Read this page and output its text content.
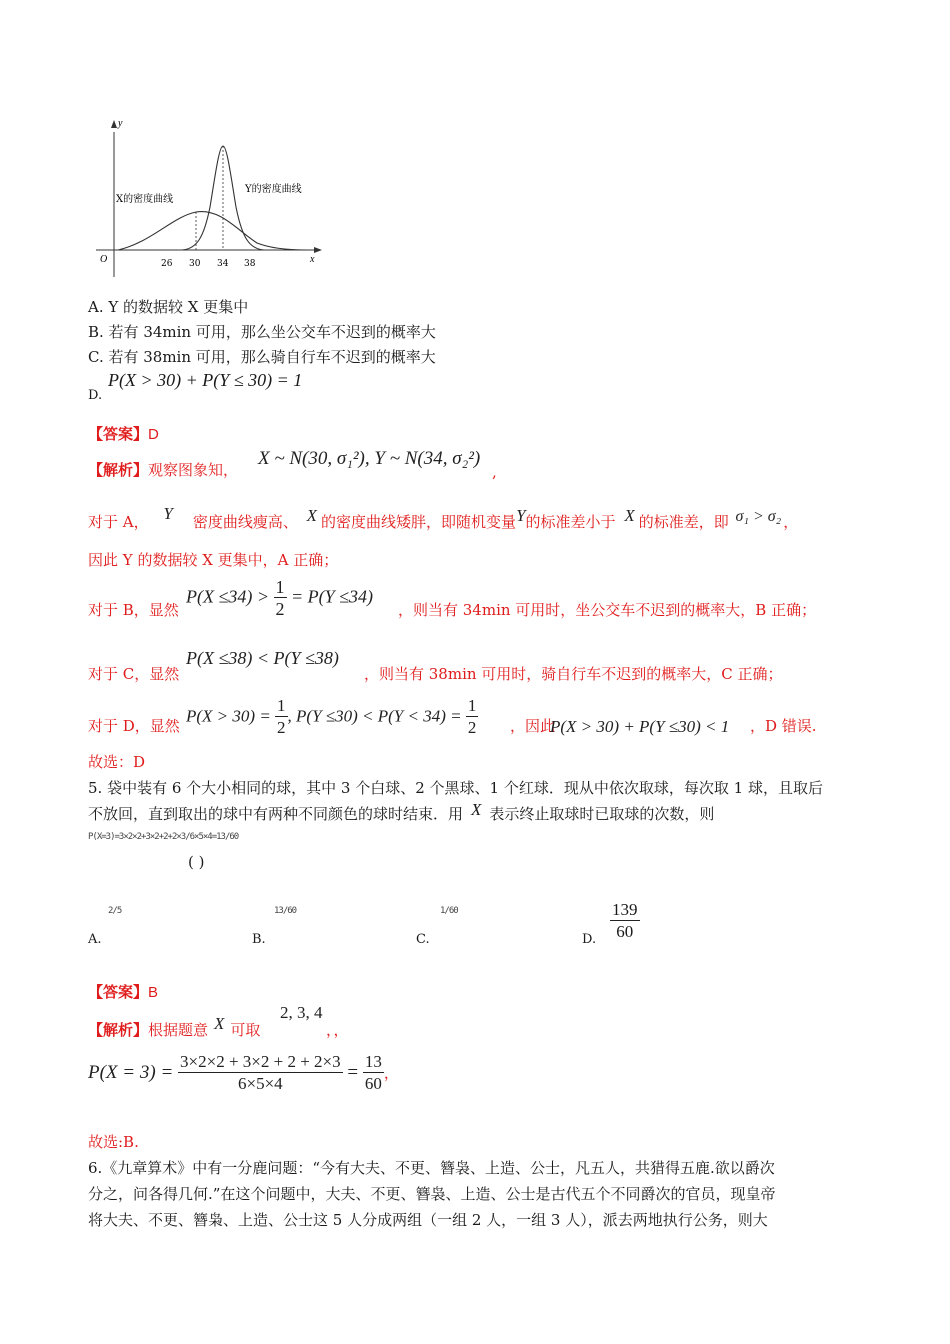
y
x
O
X的密度曲线
Y的密度曲线
26 30 34 38
A. Y 的数据较 X 更集中
B. 若有 34min 可用，那么坐公交车不迟到的概率大
C. 若有 38min 可用，那么骑自行车不迟到的概率大
D.
P(X > 30) + P(Y ≤ 30) = 1
【答案】D
【解析】观察图象知，
X ~ N(30, σ₁²), Y ~ N(34, σ₂²)
,
对于 A， Y 密度曲线瘦高、 X 的密度曲线矮胖，即随机变量Y的标准差小于 X 的标准差，即 σ₁ > σ₂ ，
因此 Y 的数据较 X 更集中，A 正确；
对于 B，显然
$P(X \le 34) > \frac{1}{2} = P(Y \le 34)$
，则当有 34min 可用时，坐公交车不迟到的概率大，B 正确；
对于 C，显然
P(X ≤38) < P(Y ≤38)
，则当有 38min 可用时，骑自行车不迟到的概率大，C 正确；
对于 D，显然
$P(X > 30) = \frac{1}{2}$ , $P(Y \le 30) < P(Y < 34) = \frac{1}{2}$ ，因此
P(X > 30) + P(Y ≤30) < 1 ，D 错误.
故选：D
5. 袋中装有 6 个大小相同的球，其中 3 个白球、2 个黑球、1 个红球．现从中依次取球，每次取 1 球，且取后
不放回，直到取出的球中有两种不同颜色的球时结束．用 X 表示终止取球时已取球的次数，则
P(X=3)=3×2×2+3×2+2+2×3/6×5×4=13/60
( )
A.
2/5
B.
13/60
C.
1/60
D. $\frac{139}{60}$
【答案】B
【解析】根据题意 X 可取
2, 3, 4
，，
$P(X = 3) = \frac{3\times 2\times 2 + 3\times 2 + 2 + 2\times 3}{6\times 5\times 4} = \frac{13}{60}$ ，
故选:B.
6.《九章算术》中有一分鹿问题：“今有大夫、不更、簪袅、上造、公士，凡五人，共猎得五鹿.欲以爵次
分之，问各得几何.”在这个问题中，大夫、不更、簪袅、上造、公士是古代五个不同爵次的官员，现皇帝
将大夫、不更、簪枭、上造、公士这 5 人分成两组（一组 2 人，一组 3 人），派去两地执行公务，则大
